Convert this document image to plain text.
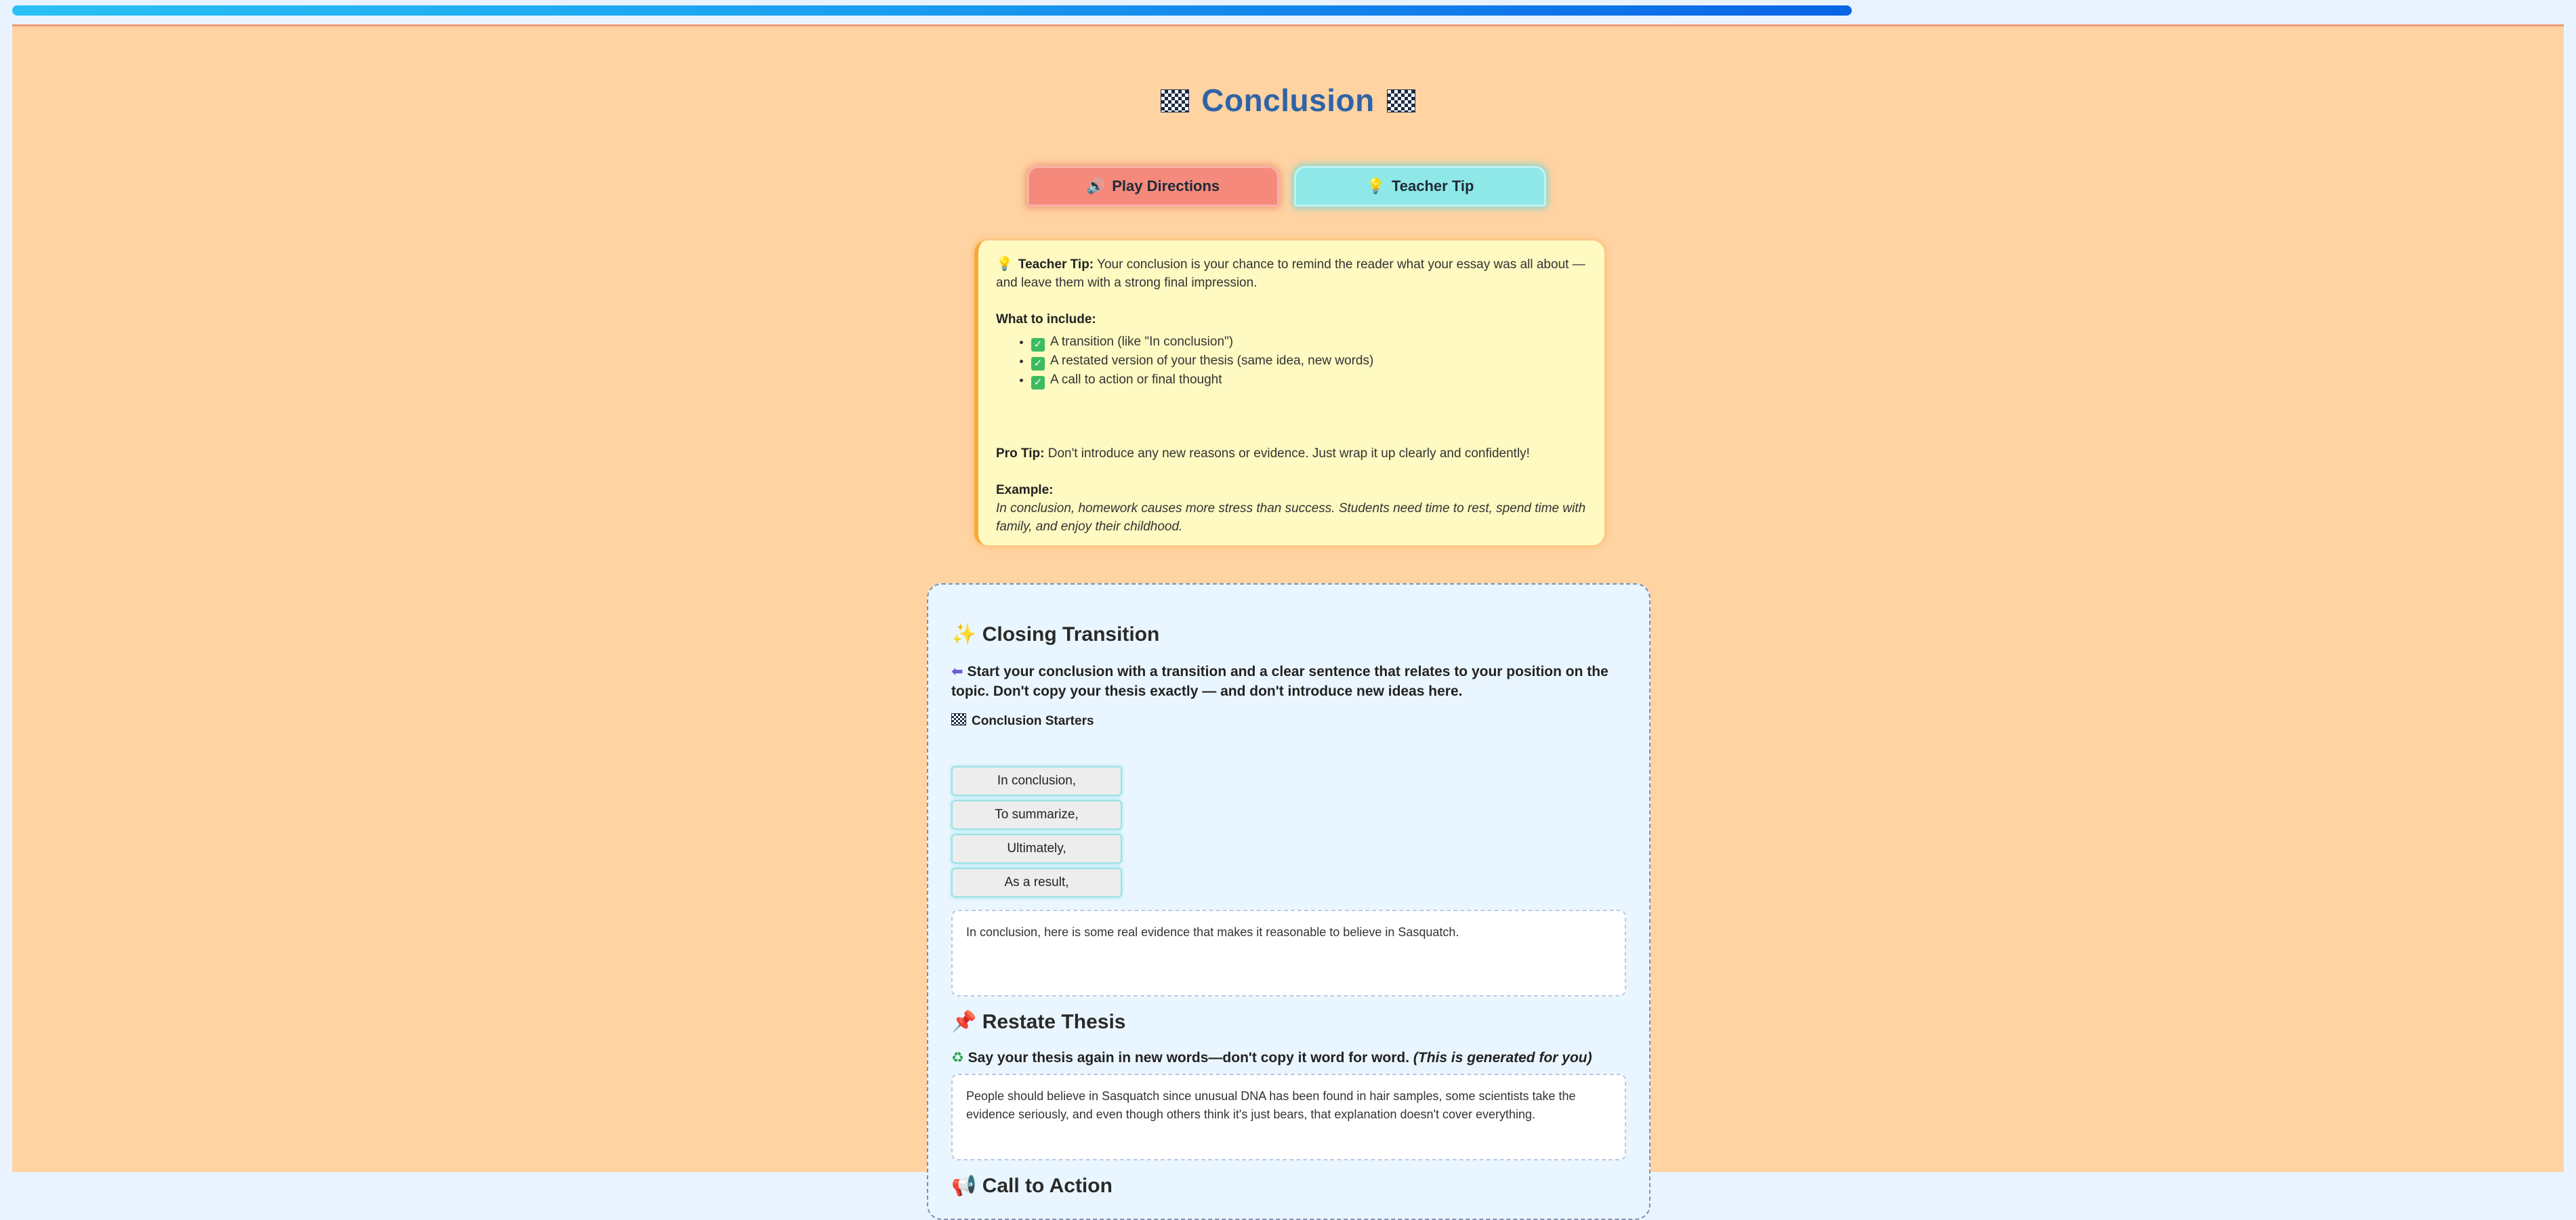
Conclusion
🔊 Play Directions	💡 Teacher Tip
💡 Teacher Tip: Your conclusion is your chance to remind the reader what your essay was all about — and leave them with a strong final impression.
What to include:
• ✓ A transition (like "In conclusion")
• ✓ A restated version of your thesis (same idea, new words)
• ✓ A call to action or final thought
Pro Tip: Don't introduce any new reasons or evidence. Just wrap it up clearly and confidently!
Example:
In conclusion, homework causes more stress than success. Students need time to rest, spend time with family, and enjoy their childhood.
✨ Closing Transition
⬅ Start your conclusion with a transition and a clear sentence that relates to your position on the topic. Don't copy your thesis exactly — and don't introduce new ideas here.
Conclusion Starters
In conclusion,
To summarize,
Ultimately,
As a result,
In conclusion, here is some real evidence that makes it reasonable to believe in Sasquatch.
📌 Restate Thesis
♻ Say your thesis again in new words—don't copy it word for word. (This is generated for you)
People should believe in Sasquatch since unusual DNA has been found in hair samples, some scientists take the evidence seriously, and even though others think it's just bears, that explanation doesn't cover everything.
📢 Call to Action
